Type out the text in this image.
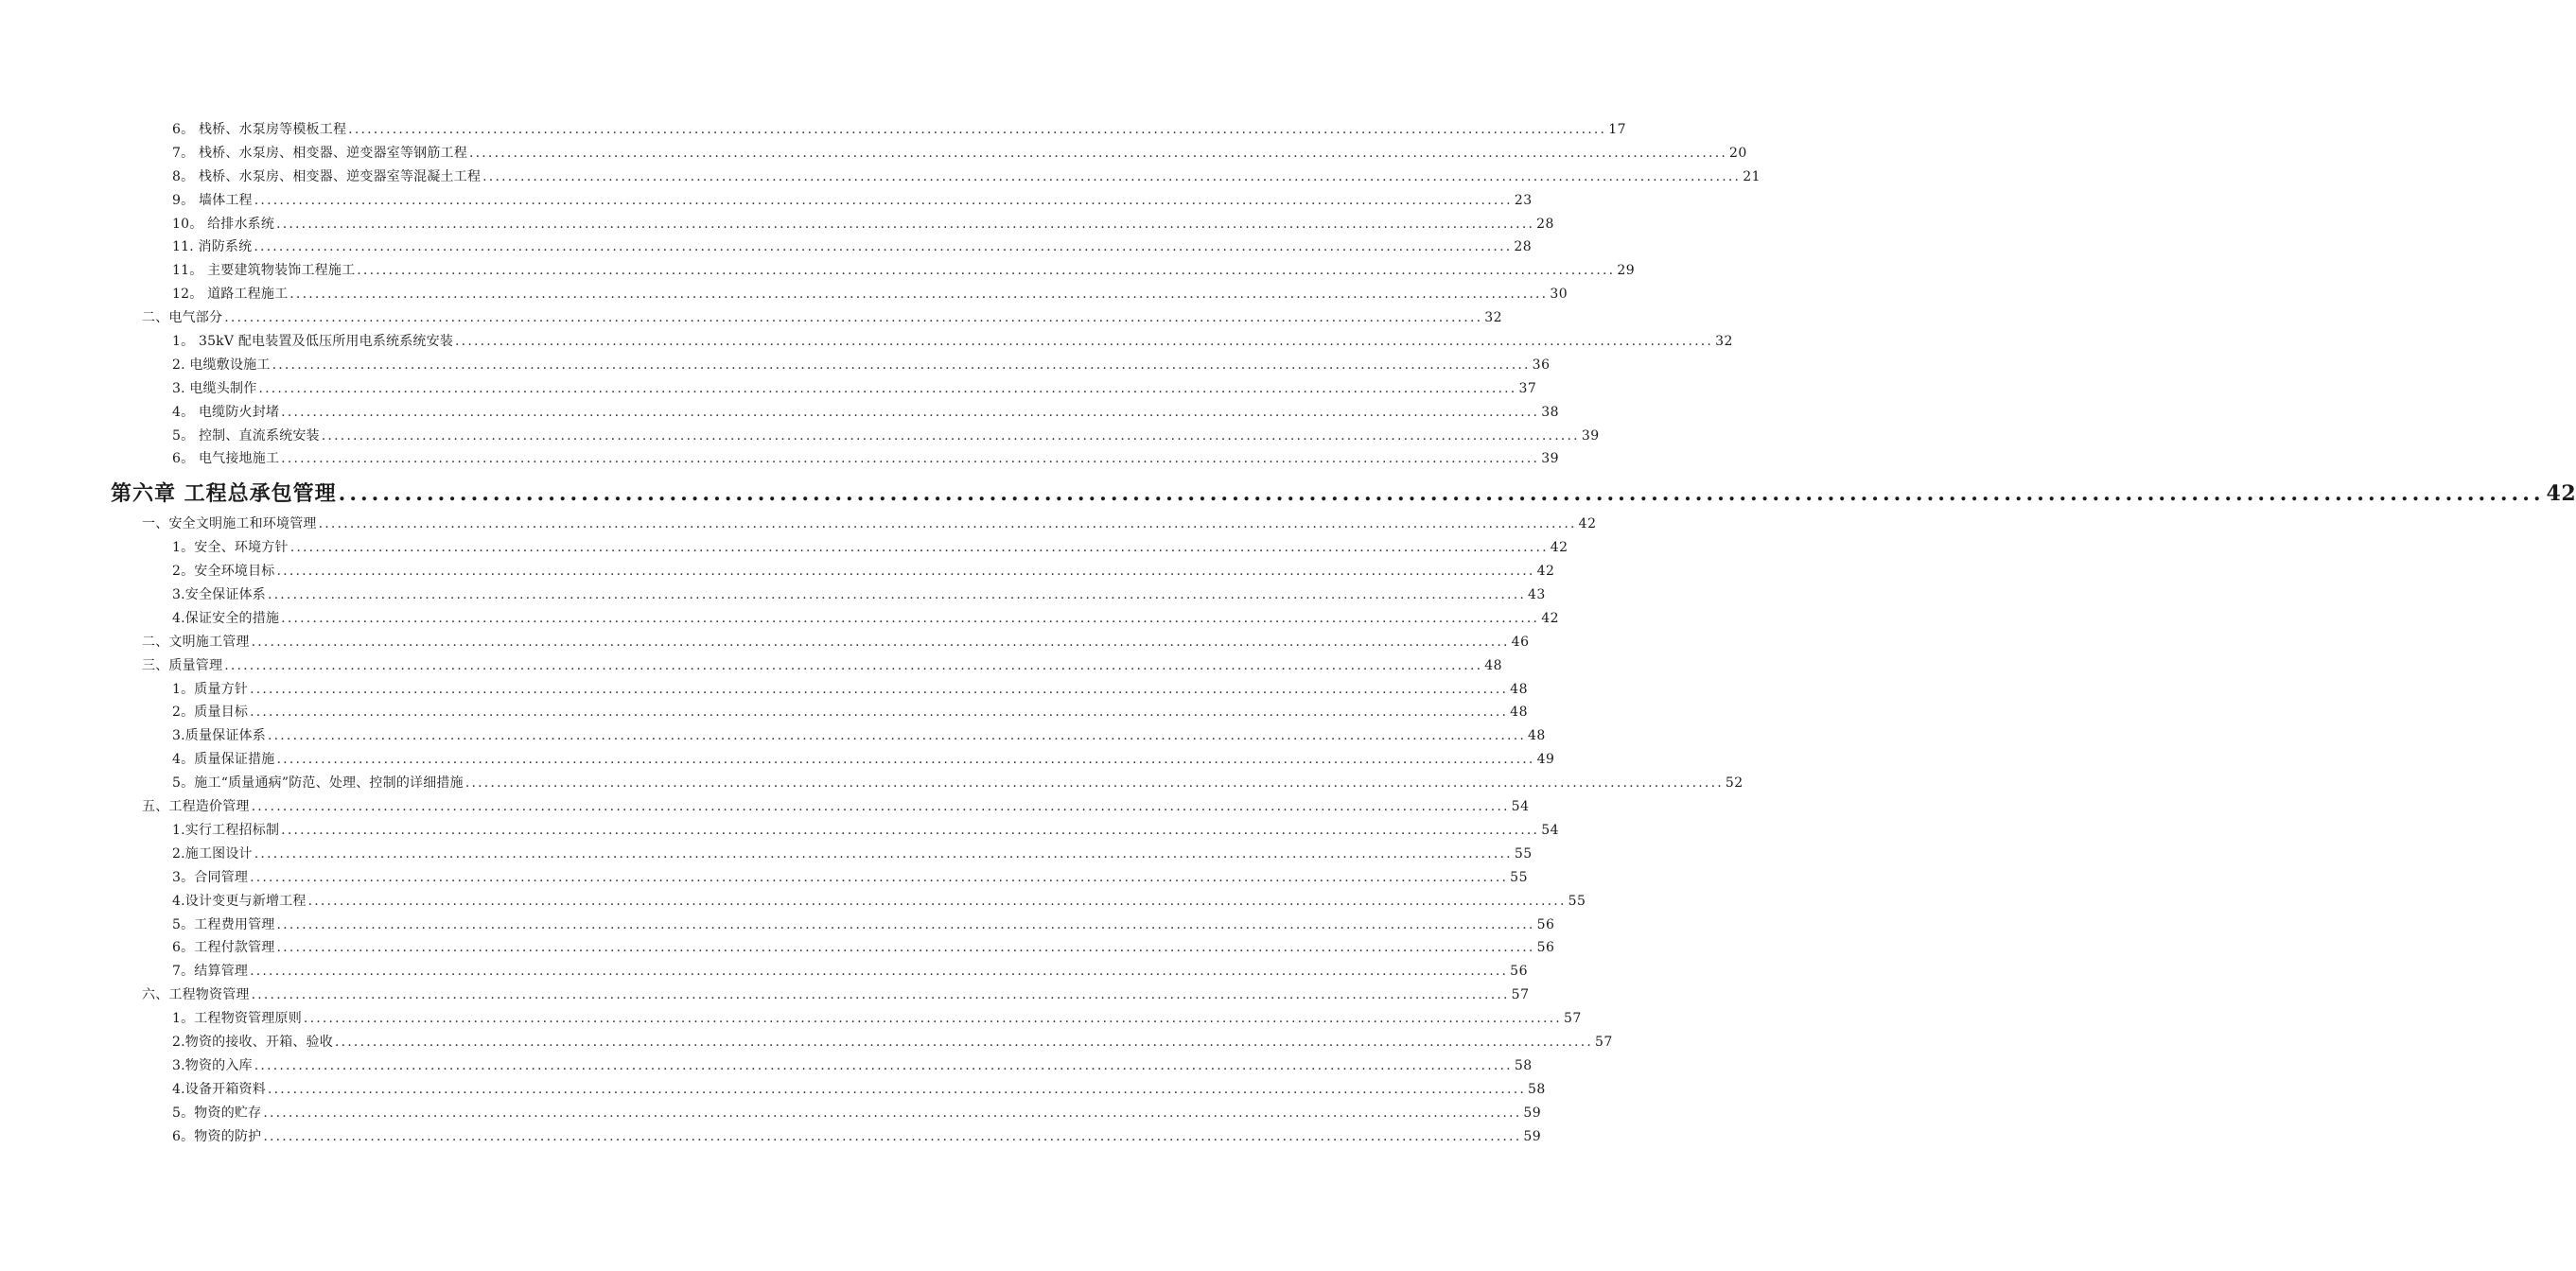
6。 栈桥、水泵房等模板工程 ........................................................................................................................................................................................................ 17
7。 栈桥、水泵房、相变器、逆变器室等钢筋工程 ........................................................................................................................................................................................................ 20
8。 栈桥、水泵房、相变器、逆变器室等混凝土工程 ........................................................................................................................................................................................................ 21
9。 墙体工程 ........................................................................................................................................................................................................ 23
10。 给排水系统 ........................................................................................................................................................................................................ 28
11. 消防系统 ........................................................................................................................................................................................................ 28
11。 主要建筑物装饰工程施工 ........................................................................................................................................................................................................ 29
12。 道路工程施工 ........................................................................................................................................................................................................ 30
二、电气部分 ........................................................................................................................................................................................................ 32
1。 35kV 配电装置及低压所用电系统系统安装 ........................................................................................................................................................................................................ 32
2. 电缆敷设施工 ........................................................................................................................................................................................................ 36
3. 电缆头制作 ........................................................................................................................................................................................................ 37
4。 电缆防火封堵 ........................................................................................................................................................................................................ 38
5。 控制、直流系统安装 ........................................................................................................................................................................................................ 39
6。 电气接地施工 ........................................................................................................................................................................................................ 39
第六章 工程总承包管理 ........................................................................................................................................................................................................ 42
一、安全文明施工和环境管理 ........................................................................................................................................................................................................ 42
1。安全、环境方针 ........................................................................................................................................................................................................ 42
2。安全环境目标 ........................................................................................................................................................................................................ 42
3.安全保证体系 ........................................................................................................................................................................................................ 43
4.保证安全的措施 ........................................................................................................................................................................................................ 42
二、文明施工管理 ........................................................................................................................................................................................................ 46
三、质量管理 ........................................................................................................................................................................................................ 48
1。质量方针 ........................................................................................................................................................................................................ 48
2。质量目标 ........................................................................................................................................................................................................ 48
3.质量保证体系 ........................................................................................................................................................................................................ 48
4。质量保证措施 ........................................................................................................................................................................................................ 49
5。施工“质量通病”防范、处理、控制的详细措施 ........................................................................................................................................................................................................ 52
五、工程造价管理 ........................................................................................................................................................................................................ 54
1.实行工程招标制 ........................................................................................................................................................................................................ 54
2.施工图设计 ........................................................................................................................................................................................................ 55
3。合同管理 ........................................................................................................................................................................................................ 55
4.设计变更与新增工程 ........................................................................................................................................................................................................ 55
5。工程费用管理 ........................................................................................................................................................................................................ 56
6。工程付款管理 ........................................................................................................................................................................................................ 56
7。结算管理 ........................................................................................................................................................................................................ 56
六、工程物资管理 ........................................................................................................................................................................................................ 57
1。工程物资管理原则 ........................................................................................................................................................................................................ 57
2.物资的接收、开箱、验收 ........................................................................................................................................................................................................ 57
3.物资的入库 ........................................................................................................................................................................................................ 58
4.设备开箱资料 ........................................................................................................................................................................................................ 58
5。物资的贮存 ........................................................................................................................................................................................................ 59
6。物资的防护 ........................................................................................................................................................................................................ 59
